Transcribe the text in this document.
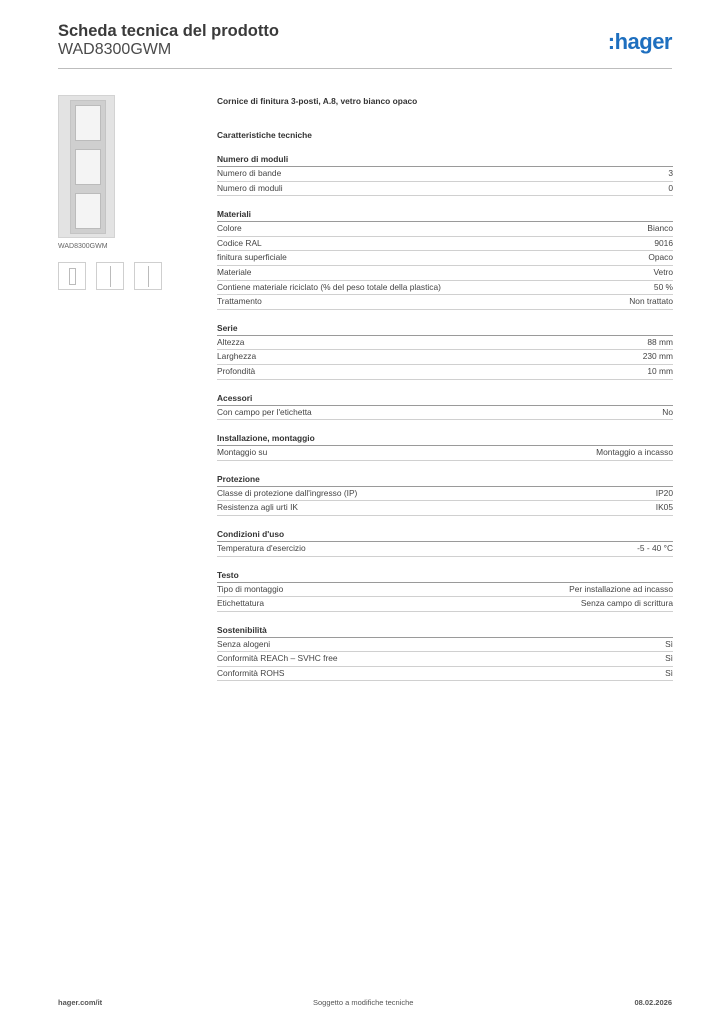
Scheda tecnica del prodotto
WAD8300GWM	:hager
WAD8300GWM
Cornice di finitura 3-posti, A.8, vetro bianco opaco
Caratteristiche tecniche
Numero di moduli
Numero di bande	3
Numero di moduli	0
Materiali
Colore	Bianco
Codice RAL	9016
finitura superficiale	Opaco
Materiale	Vetro
Contiene materiale riciclato (% del peso totale della plastica)	50 %
Trattamento	Non trattato
Serie
Altezza	88 mm
Larghezza	230 mm
Profondità	10 mm
Acessori
Con campo per l'etichetta	No
Installazione, montaggio
Montaggio su	Montaggio a incasso
Protezione
Classe di protezione dall'ingresso (IP)	IP20
Resistenza agli urti IK	IK05
Condizioni d'uso
Temperatura d'esercizio	-5 - 40 °C
Testo
Tipo di montaggio	Per installazione ad incasso
Etichettatura	Senza campo di scrittura
Sostenibilità
Senza alogeni	Sì
Conformità REACh – SVHC free	Sì
Conformità ROHS	Sì
hager.com/it	Soggetto a modifiche tecniche	08.02.2026
